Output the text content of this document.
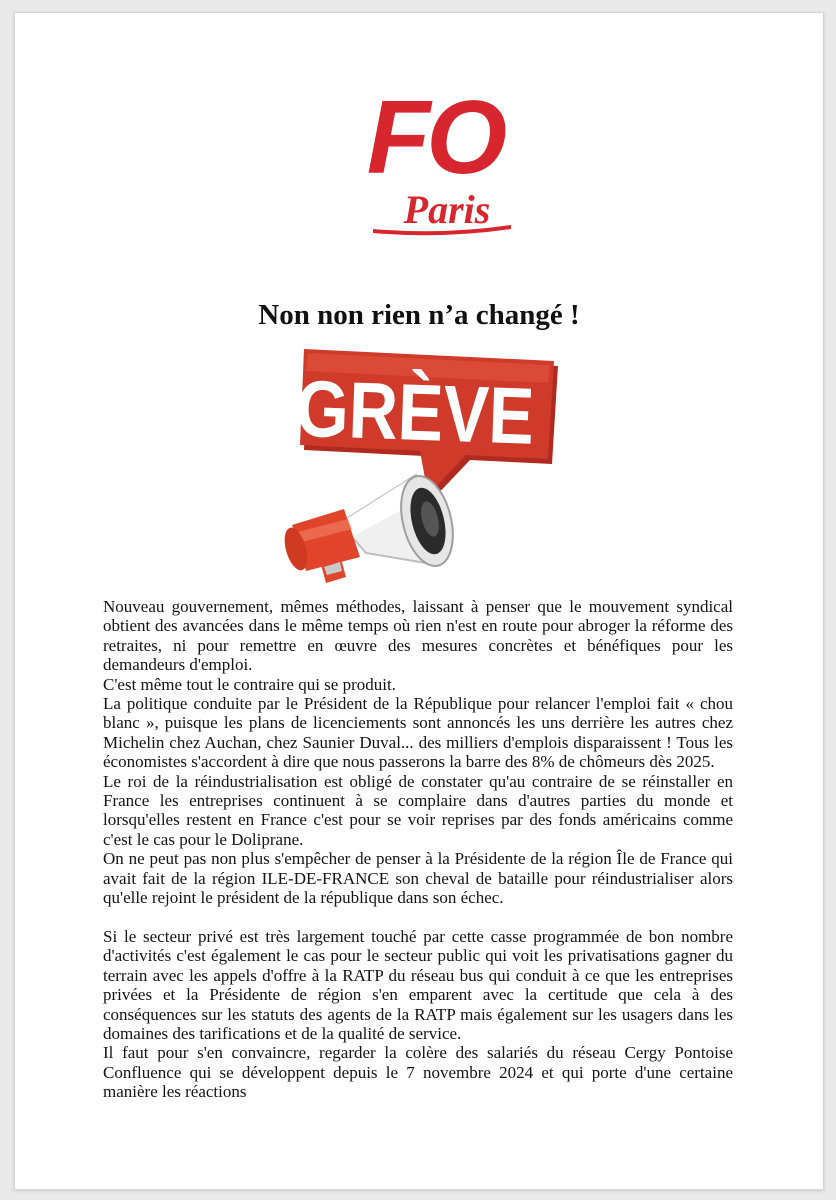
FO
Paris
Non non rien n’a changé !
GRÈVE

Nouveau gouvernement, mêmes méthodes, laissant à penser que le mouvement syndical obtient des avancées dans le même temps où rien n'est en route pour abroger la réforme des retraites, ni pour remettre en œuvre des mesures concrètes et bénéfiques pour les demandeurs d'emploi.

C'est même tout le contraire qui se produit.

La politique conduite par le Président de la République pour relancer l'emploi fait « chou blanc », puisque les plans de licenciements sont annoncés les uns derrière les autres chez Michelin chez Auchan, chez Saunier Duval... des milliers d'emplois disparaissent ! Tous les économistes s'accordent à dire que nous passerons la barre des 8% de chômeurs dès 2025.

Le roi de la réindustrialisation est obligé de constater qu'au contraire de se réinstaller en France les entreprises continuent à se complaire dans d'autres parties du monde et lorsqu'elles restent en France c'est pour se voir reprises par des fonds américains comme c'est le cas pour le Doliprane.

On ne peut pas non plus s'empêcher de penser à la Présidente de la région Île de France qui avait fait de la région ILE-DE-FRANCE son cheval de bataille pour réindustrialiser alors qu'elle rejoint le président de la république dans son échec.

Si le secteur privé est très largement touché par cette casse programmée de bon nombre d'activités c'est également le cas pour le secteur public qui voit les privatisations gagner du terrain avec les appels d'offre à la RATP du réseau bus qui conduit à ce que les entreprises privées et la Présidente de région s'en emparent avec la certitude que cela à des conséquences sur les statuts des agents de la RATP mais également sur les usagers dans les domaines des tarifications et de la qualité de service.

Il faut pour s'en convaincre, regarder la colère des salariés du réseau Cergy Pontoise Confluence qui se développent depuis le 7 novembre 2024 et qui porte d'une certaine manière les réactions
